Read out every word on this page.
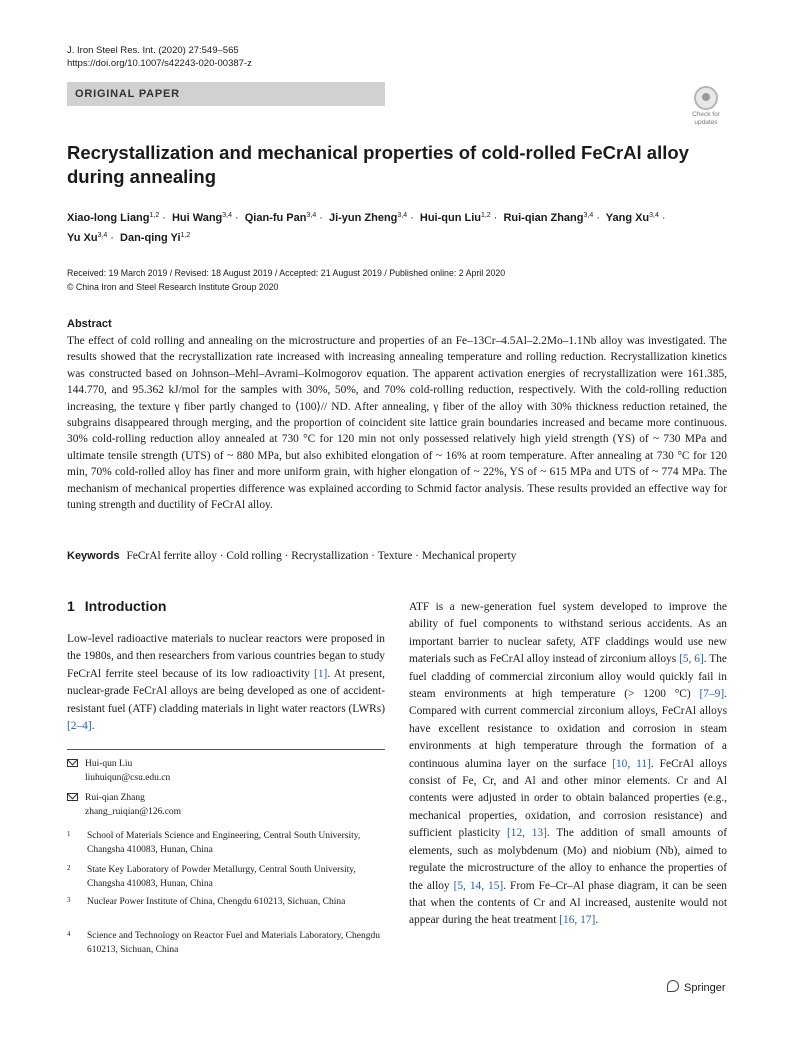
J. Iron Steel Res. Int. (2020) 27:549–565
https://doi.org/10.1007/s42243-020-00387-z
ORIGINAL PAPER
Check for
updates
Recrystallization and mechanical properties of cold-rolled FeCrAl alloy
during annealing
Xiao-long Liang$^{1,2}$ · Hui Wang$^{3,4}$ · Qian-fu Pan$^{3,4}$ · Ji-yun Zheng$^{3,4}$ · Hui-qun Liu$^{1,2}$ · Rui-qian Zhang$^{3,4}$ · Yang Xu$^{3,4}$ ·
Yu Xu$^{3,4}$ · Dan-qing Yi$^{1,2}$
Received: 19 March 2019 / Revised: 18 August 2019 / Accepted: 21 August 2019 / Published online: 2 April 2020
© China Iron and Steel Research Institute Group 2020
Abstract
The effect of cold rolling and annealing on the microstructure and properties of an Fe–13Cr–4.5Al–2.2Mo–1.1Nb alloy was investigated. The results showed that the recrystallization rate increased with increasing annealing temperature and rolling reduction. Recrystallization kinetics was constructed based on Johnson–Mehl–Avrami–Kolmogorov equation. The apparent activation energies of recrystallization were 161.385, 144.770, and 95.362 kJ/mol for the samples with 30%, 50%, and 70% cold-rolling reduction, respectively. With the cold-rolling reduction increasing, the texture γ fiber partly changed to ⟨100⟩// ND. After annealing, γ fiber of the alloy with 30% thickness reduction retained, the subgrains disappeared through merging, and the proportion of coincident site lattice grain boundaries increased and became more continuous. 30% cold-rolling reduction alloy annealed at 730 °C for 120 min not only possessed relatively high yield strength (YS) of ~ 730 MPa and ultimate tensile strength (UTS) of ~ 880 MPa, but also exhibited elongation of ~ 16% at room temperature. After annealing at 730 °C for 120 min, 70% cold-rolled alloy has finer and more uniform grain, with higher elongation of ~ 22%, YS of ~ 615 MPa and UTS of ~ 774 MPa. The mechanism of mechanical properties difference was explained according to Schmid factor analysis. These results provided an effective way for tuning strength and ductility of FeCrAl alloy.
Keywords FeCrAl ferrite alloy · Cold rolling · Recrystallization · Texture · Mechanical property
1 Introduction
Low-level radioactive materials to nuclear reactors were proposed in the 1980s, and then researchers from various countries began to study FeCrAl ferrite steel because of its low radioactivity [1]. At present, nuclear-grade FeCrAl alloys are being developed as one of accident-resistant fuel (ATF) cladding materials in light water reactors (LWRs) [2–4].
Hui-qun Liu
liuhuiqun@csu.edu.cn
Rui-qian Zhang
zhang_ruiqian@126.com
1 School of Materials Science and Engineering, Central South University, Changsha 410083, Hunan, China
2 State Key Laboratory of Powder Metallurgy, Central South University, Changsha 410083, Hunan, China
3 Nuclear Power Institute of China, Chengdu 610213, Sichuan, China
4 Science and Technology on Reactor Fuel and Materials Laboratory, Chengdu 610213, Sichuan, China
ATF is a new-generation fuel system developed to improve the ability of fuel components to withstand serious accidents. As an important barrier to nuclear safety, ATF claddings would use new materials such as FeCrAl alloy instead of zirconium alloys [5, 6]. The fuel cladding of commercial zirconium alloy would quickly fail in steam environments at high temperature (> 1200 °C) [7–9]. Compared with current commercial zirconium alloys, FeCrAl alloys have excellent resistance to oxidation and corrosion in steam environments at high temperature through the formation of a continuous alumina layer on the surface [10, 11]. FeCrAl alloys consist of Fe, Cr, and Al and other minor elements. Cr and Al contents were adjusted in order to obtain balanced properties (e.g., mechanical properties, oxidation, and corrosion resistance) and sufficient plasticity [12, 13]. The addition of small amounts of elements, such as molybdenum (Mo) and niobium (Nb), aimed to regulate the microstructure of the alloy to enhance the properties of the alloy [5, 14, 15]. From Fe–Cr–Al phase diagram, it can be seen that when the contents of Cr and Al increased, austenite would not appear during the heat treatment [16, 17].
Springer
